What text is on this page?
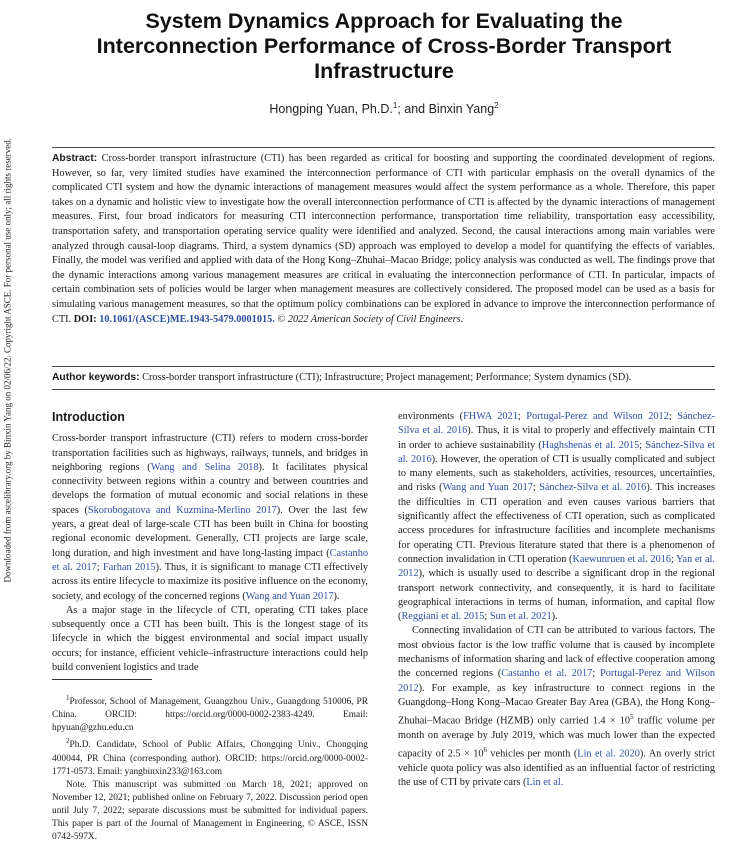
Downloaded from ascelibrary.org by Binxin Yang on 02/06/22. Copyright ASCE. For personal use only; all rights reserved.
System Dynamics Approach for Evaluating the Interconnection Performance of Cross-Border Transport Infrastructure
Hongping Yuan, Ph.D.$^1$; and Binxin Yang$^2$
Abstract: Cross-border transport infrastructure (CTI) has been regarded as critical for boosting and supporting the coordinated development of regions. However, so far, very limited studies have examined the interconnection performance of CTI with particular emphasis on the overall dynamics of the complicated CTI system and how the dynamic interactions of management measures would affect the system performance as a whole. Therefore, this paper takes on a dynamic and holistic view to investigate how the overall interconnection performance of CTI is affected by the dynamic interactions of management measures. First, four broad indicators for measuring CTI interconnection performance, transportation time reliability, transportation easy accessibility, transportation safety, and transportation operating service quality were identified and analyzed. Second, the causal interactions among main variables were analyzed through causal-loop diagrams. Third, a system dynamics (SD) approach was employed to develop a model for quantifying the effects of variables. Finally, the model was verified and applied with data of the Hong Kong–Zhuhai–Macao Bridge; policy analysis was conducted as well. The findings prove that the dynamic interactions among various management measures are critical in evaluating the interconnection performance of CTI. In particular, impacts of certain combination sets of policies would be larger when management measures are collectively considered. The proposed model can be used as a basis for simulating various management measures, so that the optimum policy combinations can be explored in advance to improve the interconnection performance of CTI. DOI: 10.1061/(ASCE)ME.1943-5479.0001015. © 2022 American Society of Civil Engineers.
Author keywords: Cross-border transport infrastructure (CTI); Infrastructure; Project management; Performance; System dynamics (SD).
Introduction

Cross-border transport infrastructure (CTI) refers to modern cross-border transportation facilities such as highways, railways, tunnels, and bridges in neighboring regions (Wang and Selina 2018). It facilitates physical connectivity between regions within a country and between countries and develops the formation of mutual economic and social relations in these spaces (Skorobogatova and Kuzmina-Merlino 2017). Over the last few years, a great deal of large-scale CTI has been built in China for boosting regional economic development. Generally, CTI projects are large scale, long duration, and high investment and have long-lasting impact (Castanho et al. 2017; Farhan 2015). Thus, it is significant to manage CTI effectively across its entire lifecycle to maximize its positive influence on the economy, society, and ecology of the concerned regions (Wang and Yuan 2017).

As a major stage in the lifecycle of CTI, operating CTI takes place subsequently once a CTI has been built. This is the longest stage of its lifecycle in which the biggest environmental and social impact usually occurs; for instance, efficient vehicle–infrastructure interactions could help build convenient logistics and trade

$^1$Professor, School of Management, Guangzhou Univ., Guangdong 510006, PR China. ORCID: https://orcid.org/0000-0002-2383-4249. Email: hpyuan@gzhu.edu.cn

$^2$Ph.D. Candidate, School of Public Affairs, Chongqing Univ., Chongqing 400044, PR China (corresponding author). ORCID: https://orcid.org/0000-0002-1771-0573. Email: yangbinxin233@163.com

Note. This manuscript was submitted on March 18, 2021; approved on November 12, 2021; published online on February 7, 2022. Discussion period open until July 7, 2022; separate discussions must be submitted for individual papers. This paper is part of the Journal of Management in Engineering, © ASCE, ISSN 0742-597X.

environments (FHWA 2021; Portugal-Perez and Wilson 2012; Sánchez-Silva et al. 2016). Thus, it is vital to properly and effectively maintain CTI in order to achieve sustainability (Haghshenas et al. 2015; Sánchez-Silva et al. 2016). However, the operation of CTI is usually complicated and subject to many elements, such as stakeholders, activities, resources, uncertainties, and risks (Wang and Yuan 2017; Sánchez-Silva et al. 2016). This increases the difficulties in CTI operation and even causes various barriers that significantly affect the effectiveness of CTI operation, such as complicated access procedures for infrastructure facilities and incomplete mechanisms for operating CTI. Previous literature stated that there is a phenomenon of connection invalidation in CTI operation (Kaewunruen et al. 2016; Yan et al. 2012), which is usually used to describe a significant drop in the regional transport network connectivity, and consequently, it is hard to facilitate geographical interactions in terms of human, information, and capital flow (Reggiani et al. 2015; Sun et al. 2021).

Connecting invalidation of CTI can be attributed to various factors. The most obvious factor is the low traffic volume that is caused by incomplete mechanisms of information sharing and lack of effective cooperation among the concerned regions (Castanho et al. 2017; Portugal-Perez and Wilson 2012). For example, as key infrastructure to connect regions in the Guangdong–Hong Kong–Macao Greater Bay Area (GBA), the Hong Kong–Zhuhai–Macao Bridge (HZMB) only carried $1.4 \times 10^5$ traffic volume per month on average by July 2019, which was much lower than the expected capacity of $2.5 \times 10^6$ vehicles per month (Lin et al. 2020). An overly strict vehicle quota policy was also identified as an influential factor of restricting the use of CTI by private cars (Lin et al.
